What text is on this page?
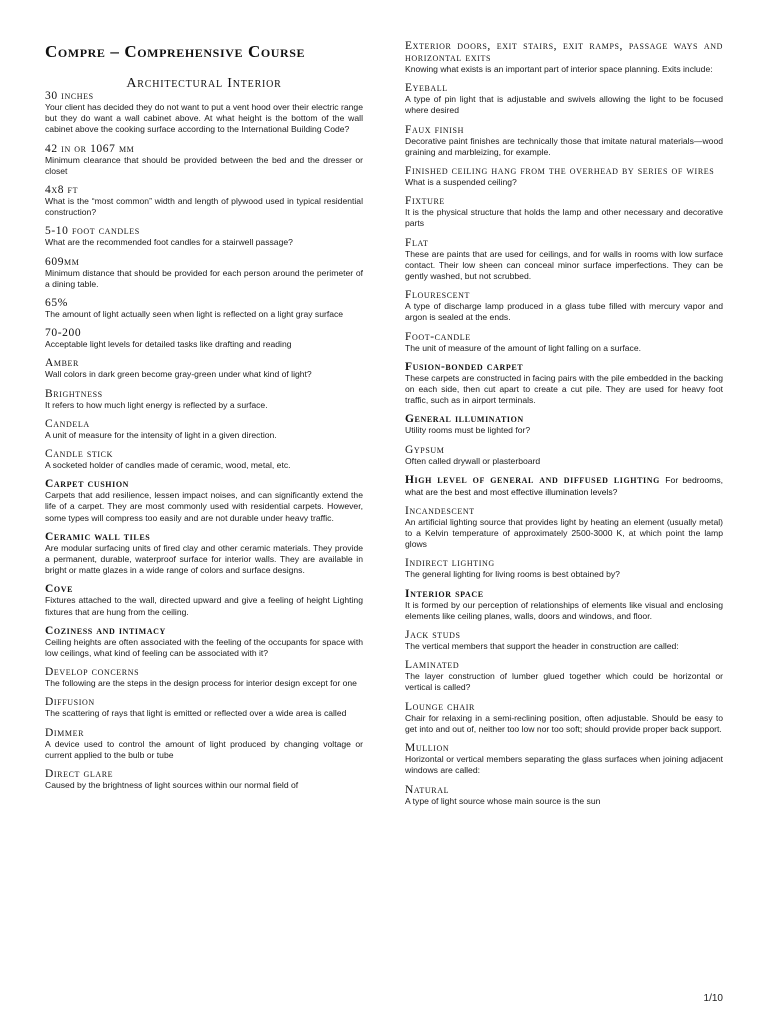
Compre – Comprehensive Course
Architectural Interior
30 inches
Your client has decided they do not want to put a vent hood over their electric range but they do want a wall cabinet above. At what height is the bottom of the wall cabinet above the cooking surface according to the International Building Code?
42 in or 1067 mm
Minimum clearance that should be provided between the bed and the dresser or closet
4x8 ft
What is the “most common” width and length of plywood used in typical residential construction?
5-10 foot candles
What are the recommended foot candles for a stairwell passage?
609mm
Minimum distance that should be provided for each person around the perimeter of a dining table.
65%
The amount of light actually seen when light is reflected on a light gray surface
70-200
Acceptable light levels for detailed tasks like drafting and reading
Amber
Wall colors in dark green become gray-green under what kind of light?
Brightness
It refers to how much light energy is reflected by a surface.
Candela
A unit of measure for the intensity of light in a given direction.
Candle stick
A socketed holder of candles made of ceramic, wood, metal, etc.
Carpet cushion
Carpets that add resilience, lessen impact noises, and can significantly extend the life of a carpet. They are most commonly used with residential carpets. However, some types will compress too easily and are not durable under heavy traffic.
Ceramic wall tiles
Are modular surfacing units of fired clay and other ceramic materials. They provide a permanent, durable, waterproof surface for interior walls. They are available in bright or matte glazes in a wide range of colors and surface designs.
Cove
Fixtures attached to the wall, directed upward and give a feeling of height Lighting fixtures that are hung from the ceiling.
Coziness and intimacy
Ceiling heights are often associated with the feeling of the occupants for space with low ceilings, what kind of feeling can be associated with it?
Develop concerns
The following are the steps in the design process for interior design except for one
Diffusion
The scattering of rays that light is emitted or reflected over a wide area is called
Dimmer
A device used to control the amount of light produced by changing voltage or current applied to the bulb or tube
Direct glare
Caused by the brightness of light sources within our normal field of
Exterior doors, exit stairs, exit ramps, passage ways and horizontal exits
Knowing what exists is an important part of interior space planning. Exits include:
Eyeball
A type of pin light that is adjustable and swivels allowing the light to be focused where desired
Faux finish
Decorative paint finishes are technically those that imitate natural materials—wood graining and marbleizing, for example.
Finished ceiling hang from the overhead by series of wires
What is a suspended ceiling?
Fixture
It is the physical structure that holds the lamp and other necessary and decorative parts
Flat
These are paints that are used for ceilings, and for walls in rooms with low surface contact. Their low sheen can conceal minor surface imperfections. They can be gently washed, but not scrubbed.
Flourescent
A type of discharge lamp produced in a glass tube filled with mercury vapor and argon is sealed at the ends.
Foot-candle
The unit of measure of the amount of light falling on a surface.
Fusion-bonded carpet
These carpets are constructed in facing pairs with the pile embedded in the backing on each side, then cut apart to create a cut pile. They are used for heavy foot traffic, such as in airport terminals.
General illumination
Utility rooms must be lighted for?
Gypsum
Often called drywall or plasterboard
High level of general and diffused lighting For bedrooms, what are the best and most effective illumination levels?
Incandescent
An artificial lighting source that provides light by heating an element (usually metal) to a Kelvin temperature of approximately 2500-3000 K, at which point the lamp glows
Indirect lighting
The general lighting for living rooms is best obtained by?
Interior space
It is formed by our perception of relationships of elements like visual and enclosing elements like ceiling planes, walls, doors and windows, and floor.
Jack studs
The vertical members that support the header in construction are called:
Laminated
The layer construction of lumber glued together which could be horizontal or vertical is called?
Lounge chair
Chair for relaxing in a semi-reclining position, often adjustable. Should be easy to get into and out of, neither too low nor too soft; should provide proper back support.
Mullion
Horizontal or vertical members separating the glass surfaces when joining adjacent windows are called:
Natural
A type of light source whose main source is the sun
1/10
